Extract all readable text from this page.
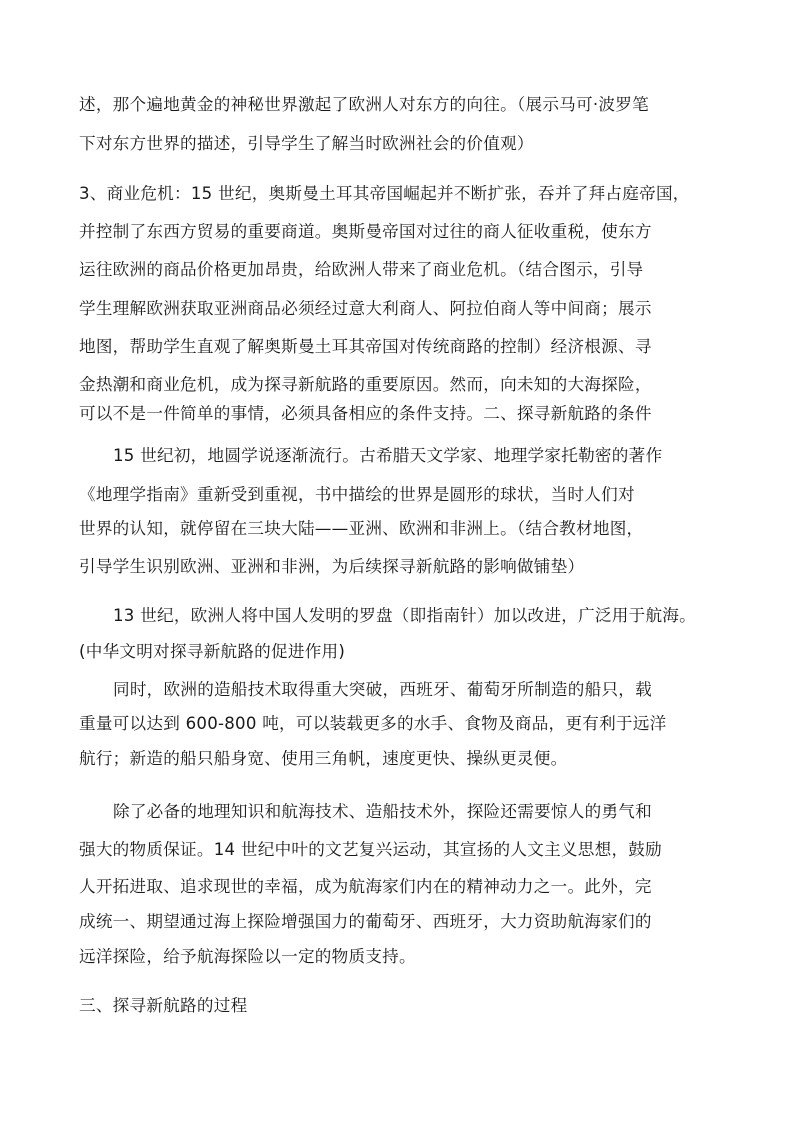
述，那个遍地黄金的神秘世界激起了欧洲人对东方的向往。（展示马可·波罗笔
下对东方世界的描述，引导学生了解当时欧洲社会的价值观）
3、商业危机：15 世纪，奥斯曼土耳其帝国崛起并不断扩张，吞并了拜占庭帝国，
并控制了东西方贸易的重要商道。奥斯曼帝国对过往的商人征收重税，使东方
运往欧洲的商品价格更加昂贵，给欧洲人带来了商业危机。（结合图示，引导
学生理解欧洲获取亚洲商品必须经过意大利商人、阿拉伯商人等中间商；展示
地图，帮助学生直观了解奥斯曼土耳其帝国对传统商路的控制）经济根源、寻
金热潮和商业危机，成为探寻新航路的重要原因。然而，向未知的大海探险，
可以不是一件简单的事情，必须具备相应的条件支持。二、探寻新航路的条件
15 世纪初，地圆学说逐渐流行。古希腊天文学家、地理学家托勒密的著作
《地理学指南》重新受到重视，书中描绘的世界是圆形的球状，当时人们对
世界的认知，就停留在三块大陆——亚洲、欧洲和非洲上。（结合教材地图，
引导学生识别欧洲、亚洲和非洲，为后续探寻新航路的影响做铺垫）
13 世纪，欧洲人将中国人发明的罗盘（即指南针）加以改进，广泛用于航海。
(中华文明对探寻新航路的促进作用)
同时，欧洲的造船技术取得重大突破，西班牙、葡萄牙所制造的船只，载
重量可以达到 600-800 吨，可以装载更多的水手、食物及商品，更有利于远洋
航行；新造的船只船身宽、使用三角帆，速度更快、操纵更灵便。
除了必备的地理知识和航海技术、造船技术外，探险还需要惊人的勇气和
强大的物质保证。14 世纪中叶的文艺复兴运动，其宣扬的人文主义思想，鼓励
人开拓进取、追求现世的幸福，成为航海家们内在的精神动力之一。此外，完
成统一、期望通过海上探险增强国力的葡萄牙、西班牙，大力资助航海家们的
远洋探险，给予航海探险以一定的物质支持。
三、探寻新航路的过程
